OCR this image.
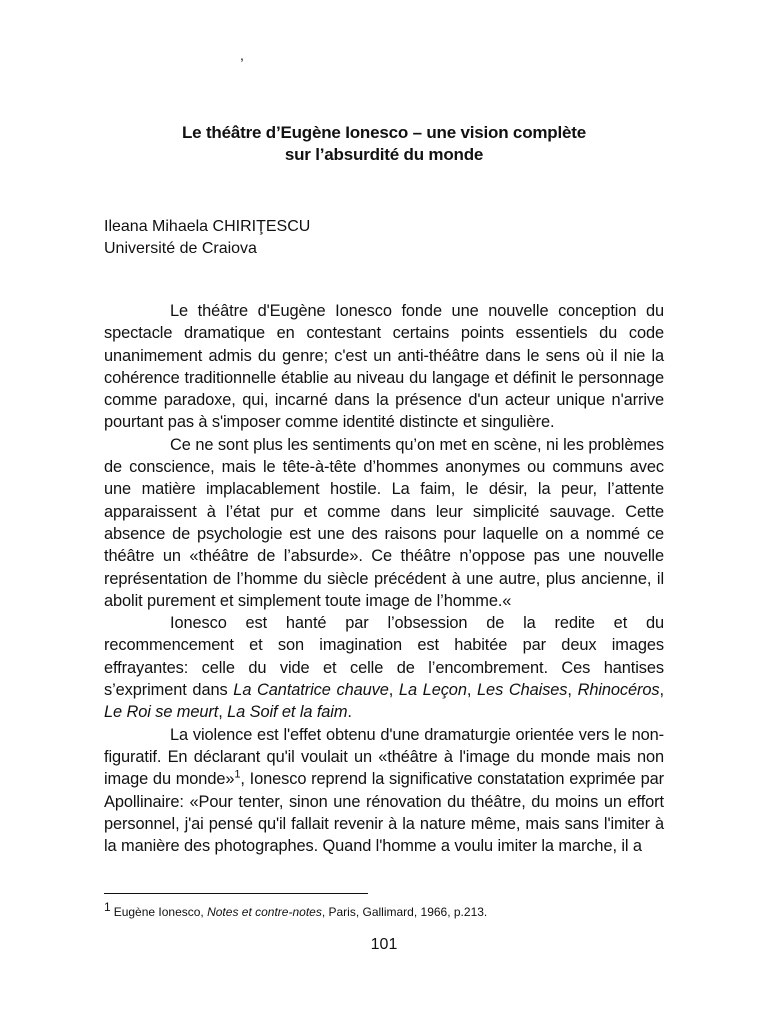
,
Le théâtre d’Eugène Ionesco – une vision complète
sur l’absurdité du monde
Ileana Mihaela CHIRIŢESCU
Université de Craiova

Le théâtre d'Eugène Ionesco fonde une nouvelle conception du spectacle dramatique en contestant certains points essentiels du code unanimement admis du genre; c'est un anti-théâtre dans le sens où il nie la cohérence traditionnelle établie au niveau du langage et définit le personnage comme paradoxe, qui, incarné dans la présence d'un acteur unique n'arrive pourtant pas à s'imposer comme identité distincte et singulière.

Ce ne sont plus les sentiments qu’on met en scène, ni les problèmes de conscience, mais le tête-à-tête d’hommes anonymes ou communs avec une matière implacablement hostile. La faim, le désir, la peur, l’attente apparaissent à l’état pur et comme dans leur simplicité sauvage. Cette absence de psychologie est une des raisons pour laquelle on a nommé ce théâtre un «théâtre de l’absurde». Ce théâtre n’oppose pas une nouvelle représentation de l’homme du siècle précédent à une autre, plus ancienne, il abolit purement et simplement toute image de l’homme.«

Ionesco est hanté par l’obsession de la redite et du recommencement et son imagination est habitée par deux images effrayantes: celle du vide et celle de l’encombrement. Ces hantises s’expriment dans La Cantatrice chauve, La Leçon, Les Chaises, Rhinocéros, Le Roi se meurt, La Soif et la faim.

La violence est l'effet obtenu d'une dramaturgie orientée vers le non-figuratif. En déclarant qu'il voulait un «théâtre à l'image du monde mais non image du monde»$^1$, Ionesco reprend la significative constatation exprimée par Apollinaire: «Pour tenter, sinon une rénovation du théâtre, du moins un effort personnel, j'ai pensé qu'il fallait revenir à la nature même, mais sans l'imiter à la manière des photographes. Quand l'homme a voulu imiter la marche, il a

1 Eugène Ionesco, Notes et contre-notes, Paris, Gallimard, 1966, p.213.
101
